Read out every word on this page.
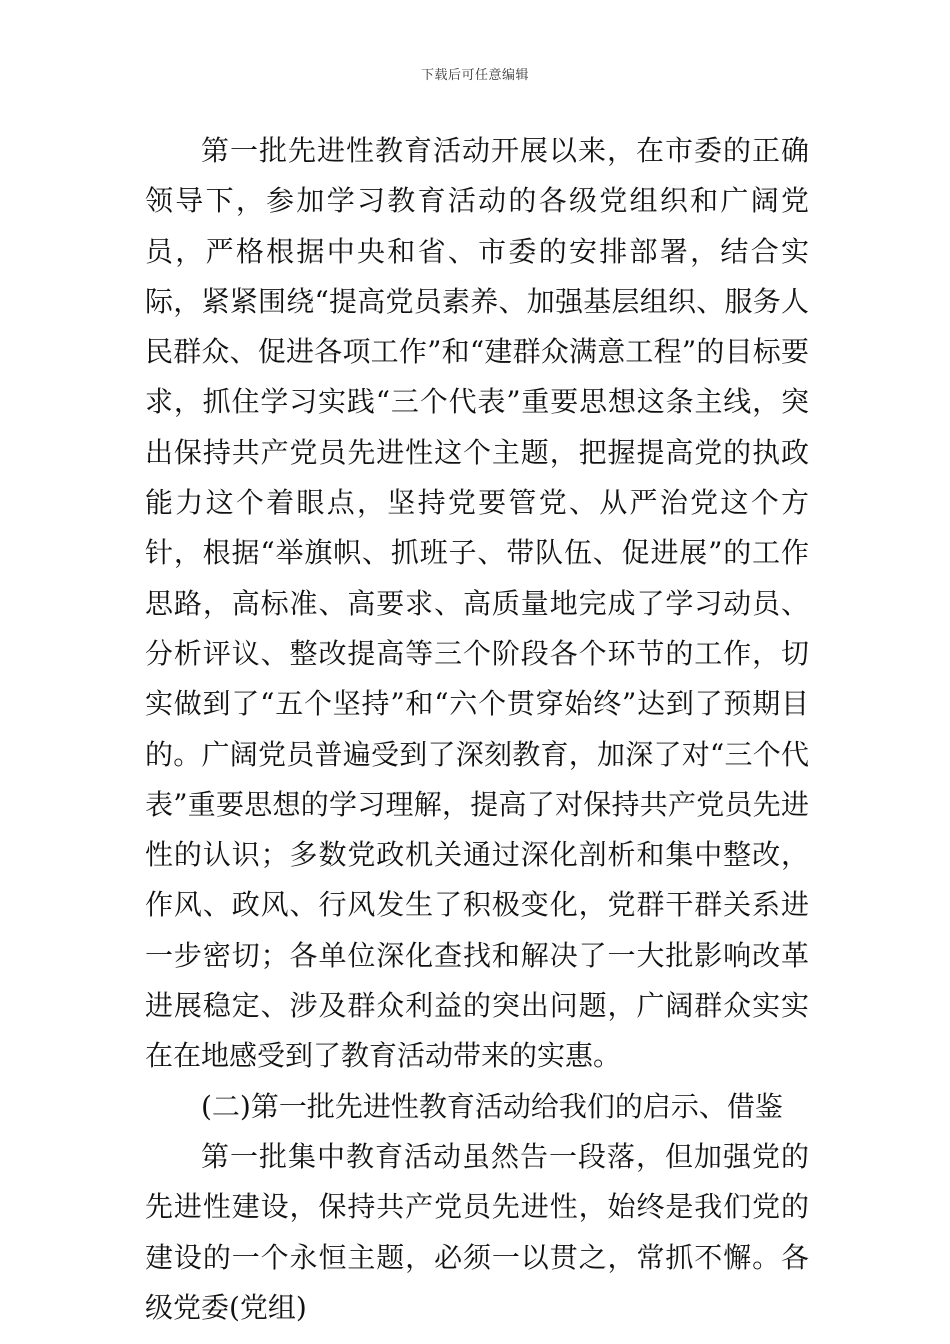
下载后可任意编辑

第一批先进性教育活动开展以来，在市委的正确领导下，参加学习教育活动的各级党组织和广阔党员，严格根据中央和省、市委的安排部署，结合实际，紧紧围绕“提高党员素养、加强基层组织、服务人民群众、促进各项工作”和“建群众满意工程”的目标要求，抓住学习实践“三个代表”重要思想这条主线，突出保持共产党员先进性这个主题，把握提高党的执政能力这个着眼点，坚持党要管党、从严治党这个方针，根据“举旗帜、抓班子、带队伍、促进展”的工作思路，高标准、高要求、高质量地完成了学习动员、分析评议、整改提高等三个阶段各个环节的工作，切实做到了“五个坚持”和“六个贯穿始终”达到了预期目的。广阔党员普遍受到了深刻教育，加深了对“三个代表”重要思想的学习理解，提高了对保持共产党员先进性的认识；多数党政机关通过深化剖析和集中整改，作风、政风、行风发生了积极变化，党群干群关系进一步密切；各单位深化查找和解决了一大批影响改革进展稳定、涉及群众利益的突出问题，广阔群众实实在在地感受到了教育活动带来的实惠。

(二)第一批先进性教育活动给我们的启示、借鉴

第一批集中教育活动虽然告一段落，但加强党的先进性建设，保持共产党员先进性，始终是我们党的建设的一个永恒主题，必须一以贯之，常抓不懈。各级党委(党组)
